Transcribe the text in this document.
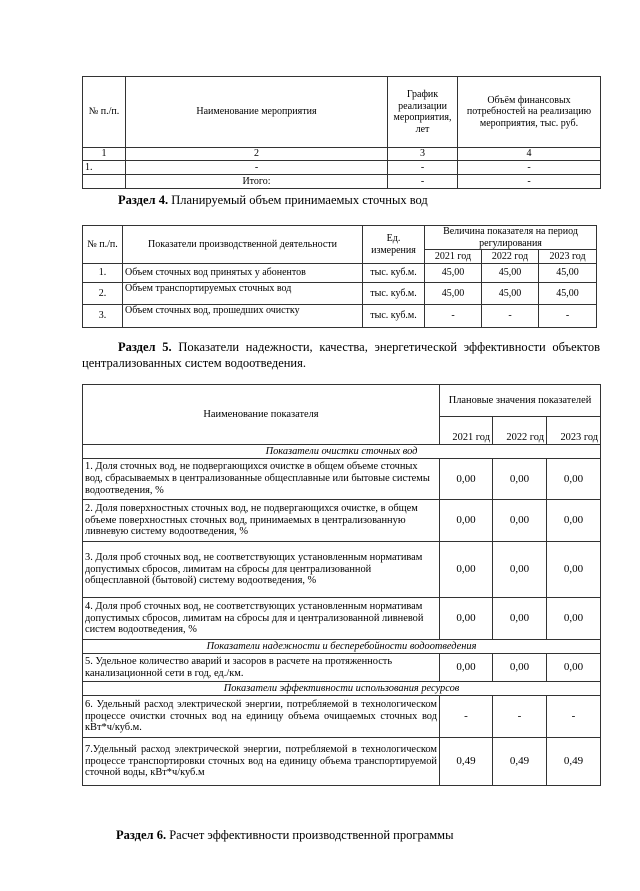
№ п./п.	Наименование мероприятия	График реализации мероприятия, лет	Объём финансовых потребностей на реализацию мероприятия, тыс. руб.
1	2	3	4
1.	-	-	-
	Итого:	-	-
Раздел 4. Планируемый объем принимаемых сточных вод
№ п./п.	Показатели производственной деятельности	Ед. измерения	Величина показателя на период регулирования		
			2021 год	2022 год	2023 год
1.	Объем сточных вод принятых у абонентов	тыс. куб.м.	45,00	45,00	45,00
2.	Объем транспортируемых сточных вод	тыс. куб.м.	45,00	45,00	45,00
3.	Объем сточных вод, прошедших очистку	тыс. куб.м.	-	-	-
Раздел 5. Показатели надежности, качества, энергетической эффективности объектов централизованных систем водоотведения.
Наименование показателя	Плановые значения показателей		
	2021 год	2022 год	2023 год
Показатели очистки сточных вод			
1. Доля сточных вод, не подвергающихся очистке в общем объеме сточных вод, сбрасываемых в централизованные общесплавные или бытовые системы водоотведения, %	0,00	0,00	0,00
2. Доля поверхностных сточных вод, не подвергающихся очистке, в общем объеме поверхностных сточных вод, принимаемых в централизованную ливневую систему водоотведения, %	0,00	0,00	0,00
3. Доля проб сточных вод, не соответствующих установленным нормативам допустимых сбросов, лимитам на сбросы для централизованной общесплавной (бытовой) систему водоотведения, %	0,00	0,00	0,00
4. Доля проб сточных вод, не соответствующих установленным нормативам допустимых сбросов, лимитам на сбросы для и централизованной ливневой систем водоотведения, %	0,00	0,00	0,00
Показатели надежности и бесперебойности водоотведения			
5. Удельное количество аварий и засоров в расчете на протяженность канализационной сети в год, ед./км.	0,00	0,00	0,00
Показатели эффективности использования ресурсов			
6. Удельный расход электрической энергии, потребляемой в технологическом процессе очистки сточных вод на единицу объема очищаемых сточных вод кВт*ч/куб.м.	-	-	-
7.Удельный расход электрической энергии, потребляемой в технологическом процессе транспортировки сточных вод на единицу объема транспортируемой сточной воды, кВт*ч/куб.м	0,49	0,49	0,49
Раздел 6. Расчет эффективности производственной программы
